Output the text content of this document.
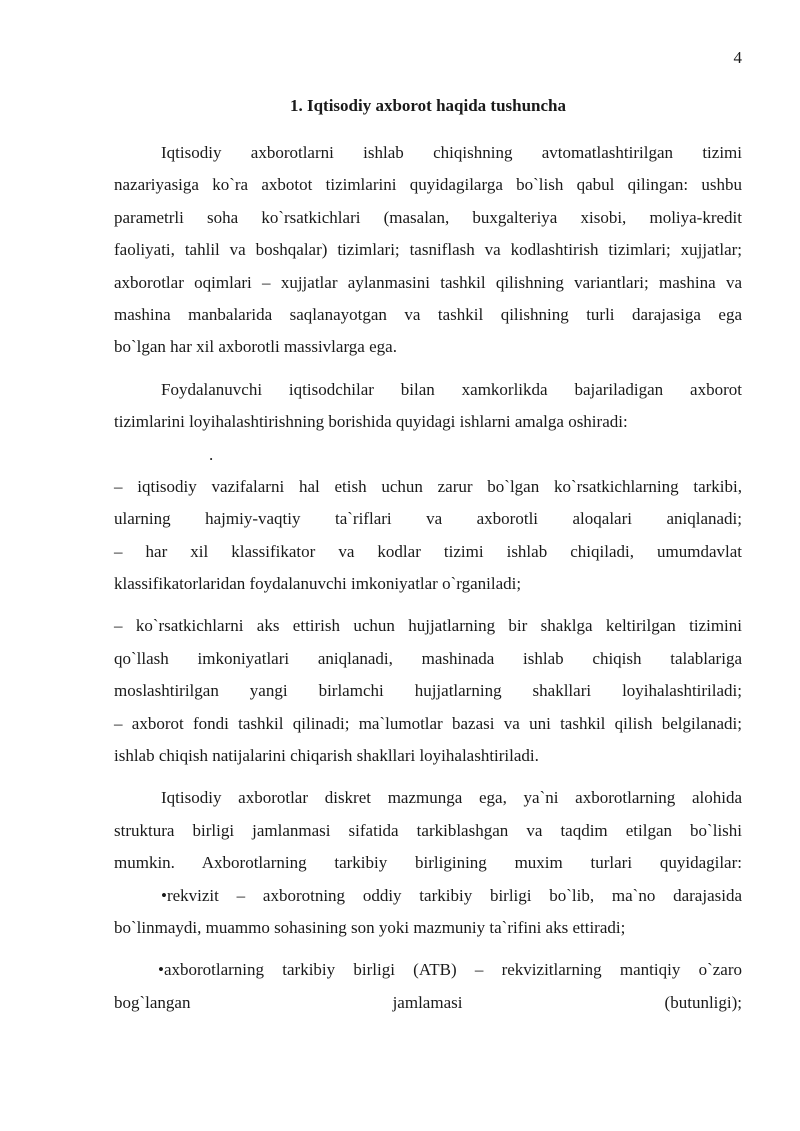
4
1. Iqtisodiy axborot haqida tushuncha
Iqtisodiy axborotlarni ishlab chiqishning avtomatlashtirilgan tizimi
nazariyasiga ko`ra axbotot tizimlarini quyidagilarga bo`lish qabul qilingan: ushbu
parametrli soha ko`rsatkichlari (masalan, buxgalteriya xisobi, moliya-kredit
faoliyati, tahlil va boshqalar) tizimlari; tasniflash va kodlashtirish tizimlari; xujjatlar;
axborotlar oqimlari – xujjatlar aylanmasini tashkil qilishning variantlari; mashina va
mashina manbalarida saqlanayotgan va tashkil qilishning turli darajasiga ega
bo`lgan har xil axborotli massivlarga ega.
Foydalanuvchi iqtisodchilar bilan xamkorlikda bajariladigan axborot
tizimlarini loyihalashtirishning borishida quyidagi ishlarni amalga oshiradi:
.
– iqtisodiy vazifalarni hal etish uchun zarur bo`lgan ko`rsatkichlarning tarkibi,
ularning hajmiy-vaqtiy ta`riflari va axborotli aloqalari aniqlanadi;
– har xil klassifikator va kodlar tizimi ishlab chiqiladi, umumdavlat
klassifikatorlaridan foydalanuvchi imkoniyatlar o`rganiladi;
– ko`rsatkichlarni aks ettirish uchun hujjatlarning bir shaklga keltirilgan tizimini
qo`llash imkoniyatlari aniqlanadi, mashinada ishlab chiqish talablariga
moslashtirilgan yangi birlamchi hujjatlarning shakllari loyihalashtiriladi;
– axborot fondi tashkil qilinadi; ma`lumotlar bazasi va uni tashkil qilish belgilanadi;
ishlab chiqish natijalarini chiqarish shakllari loyihalashtiriladi.
Iqtisodiy axborotlar diskret mazmunga ega, ya`ni axborotlarning alohida
struktura birligi jamlanmasi sifatida tarkiblashgan va taqdim etilgan bo`lishi
mumkin. Axborotlarning tarkibiy birligining muxim turlari quyidagilar:
•rekvizit – axborotning oddiy tarkibiy birligi bo`lib, ma`no darajasida
bo`linmaydi, muammo sohasining son yoki mazmuniy ta`rifini aks ettiradi;
•axborotlarning tarkibiy birligi (ATB) – rekvizitlarning mantiqiy o`zaro
bog`langan jamlamasi (butunligi);
